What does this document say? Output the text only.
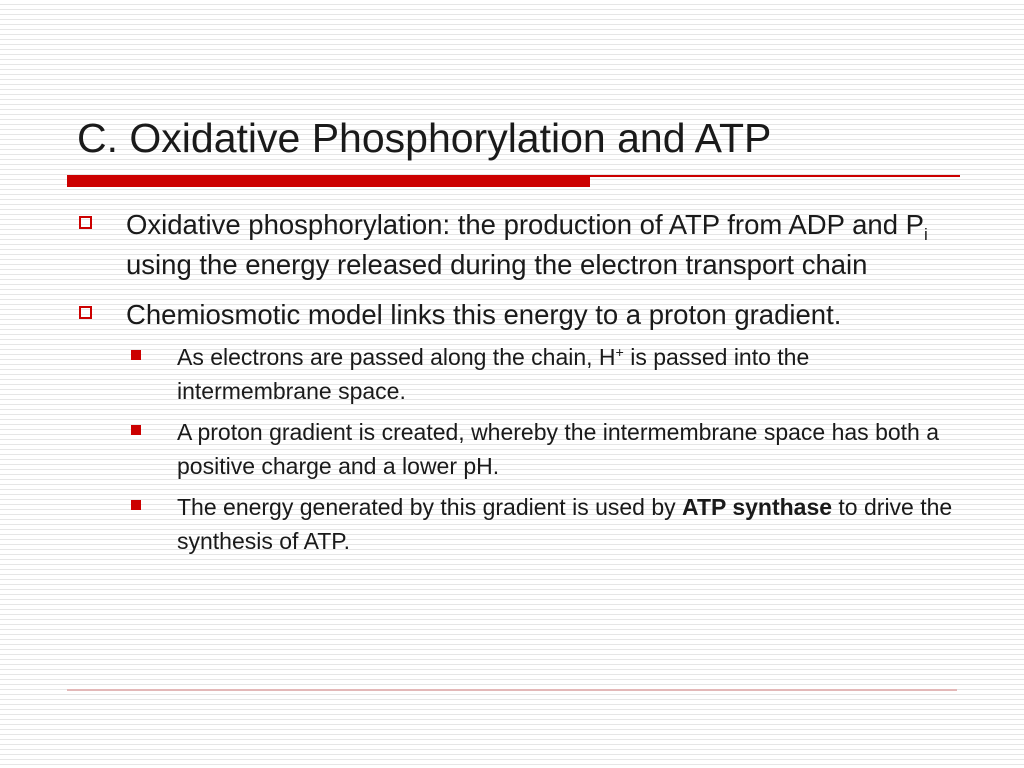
C. Oxidative Phosphorylation and ATP
Oxidative phosphorylation: the production of ATP from ADP and $P_i$ using the energy released during the electron transport chain
Chemiosmotic model links this energy to a proton gradient.
As electrons are passed along the chain, H+ is passed into the intermembrane space.
A proton gradient is created, whereby the intermembrane space has both a positive charge and a lower pH.
The energy generated by this gradient is used by ATP synthase to drive the synthesis of ATP.
